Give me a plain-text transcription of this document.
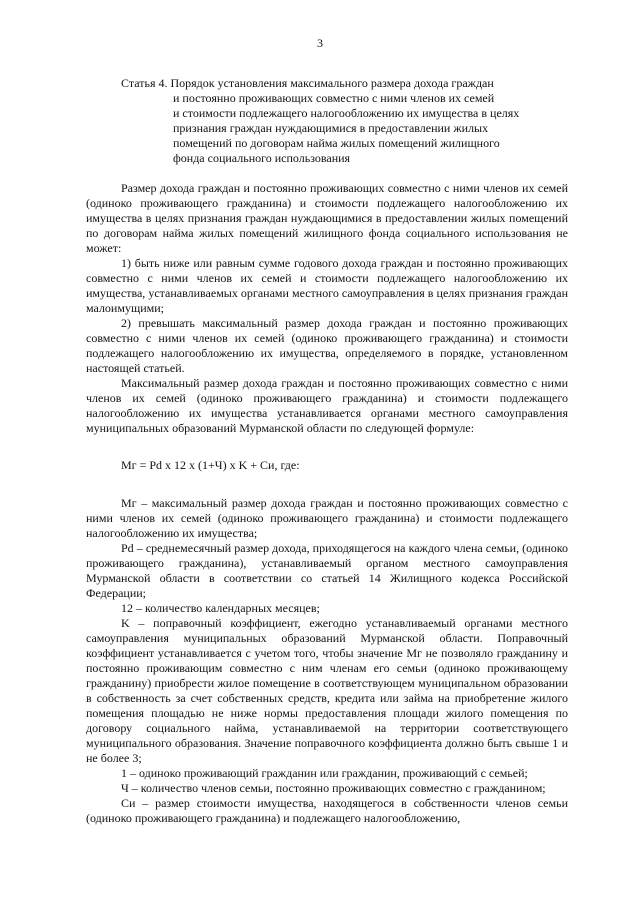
3
Статья 4. Порядок установления максимального размера дохода граждан
и постоянно проживающих совместно с ними членов их семей
и стоимости подлежащего налогообложению их имущества в целях
признания граждан нуждающимися в предоставлении жилых
помещений по договорам найма жилых помещений жилищного
фонда социального использования

Размер дохода граждан и постоянно проживающих совместно с ними членов их семей (одиноко проживающего гражданина) и стоимости подлежащего налогообложению их имущества в целях признания граждан нуждающимися в предоставлении жилых помещений по договорам найма жилых помещений жилищного фонда социального использования не может:

1) быть ниже или равным сумме годового дохода граждан и постоянно проживающих совместно с ними членов их семей и стоимости подлежащего налогообложению их имущества, устанавливаемых органами местного самоуправления в целях признания граждан малоимущими;

2) превышать максимальный размер дохода граждан и постоянно проживающих совместно с ними членов их семей (одиноко проживающего гражданина) и стоимости подлежащего налогообложению их имущества, определяемого в порядке, установленном настоящей статьей.

Максимальный размер дохода граждан и постоянно проживающих совместно с ними членов их семей (одиноко проживающего гражданина) и стоимости подлежащего налогообложению их имущества устанавливается органами местного самоуправления муниципальных образований Мурманской области по следующей формуле:

Мг = Pd x 12 x (1+Ч) x K + Си, где:

Мг – максимальный размер дохода граждан и постоянно проживающих совместно с ними членов их семей (одиноко проживающего гражданина) и стоимости подлежащего налогообложению их имущества;

Pd – среднемесячный размер дохода, приходящегося на каждого члена семьи, (одиноко проживающего гражданина), устанавливаемый органом местного самоуправления Мурманской области в соответствии со статьей 14 Жилищного кодекса Российской Федерации;

12 – количество календарных месяцев;

K – поправочный коэффициент, ежегодно устанавливаемый органами местного самоуправления муниципальных образований Мурманской области. Поправочный коэффициент устанавливается с учетом того, чтобы значение Мг не позволяло гражданину и постоянно проживающим совместно с ним членам его семьи (одиноко проживающему гражданину) приобрести жилое помещение в соответствующем муниципальном образовании в собственность за счет собственных средств, кредита или займа на приобретение жилого помещения площадью не ниже нормы предоставления площади жилого помещения по договору социального найма, устанавливаемой на территории соответствующего муниципального образования. Значение поправочного коэффициента должно быть свыше 1 и не более 3;

1 – одиноко проживающий гражданин или гражданин, проживающий с семьей;

Ч – количество членов семьи, постоянно проживающих совместно с гражданином;

Си – размер стоимости имущества, находящегося в собственности членов семьи (одиноко проживающего гражданина) и подлежащего налогообложению,
